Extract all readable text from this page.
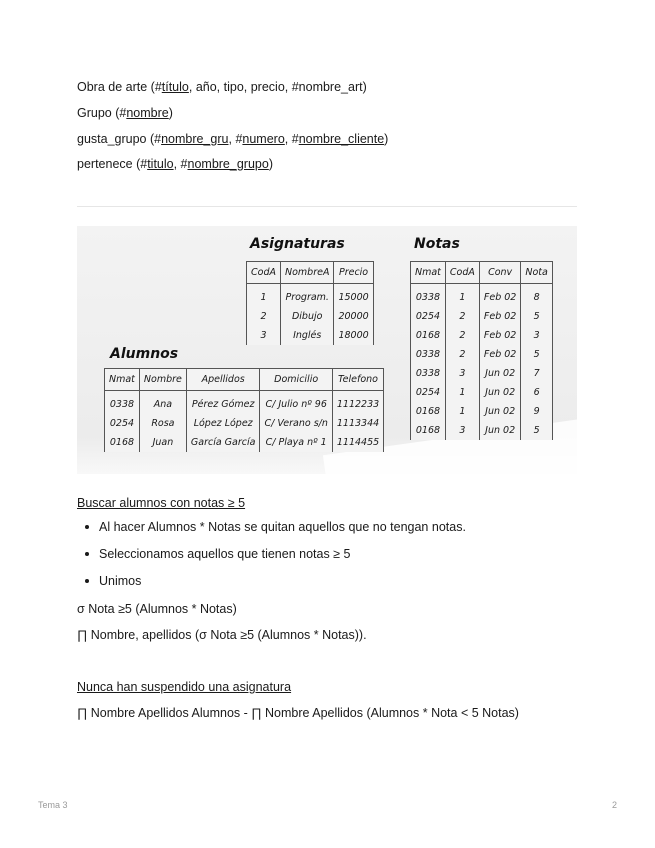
Obra de arte (#título, año, tipo, precio, #nombre_art)
Grupo (#nombre)
gusta_grupo (#nombre_gru, #numero, #nombre_cliente)
pertenece (#titulo, #nombre_grupo)
Asignaturas
CodA	NombreA	Precio
1	Program.	15000
2	Dibujo	20000
3	Inglés	18000
Notas
Nmat	CodA	Conv	Nota
0338	1	Feb 02	8
0254	2	Feb 02	5
0168	2	Feb 02	3
0338	2	Feb 02	5
0338	3	Jun 02	7
0254	1	Jun 02	6
0168	1	Jun 02	9
0168	3	Jun 02	5
Alumnos
Nmat	Nombre	Apellidos	Domicilio	Telefono
0338	Ana	Pérez Gómez	C/ Julio nº 96	1112233
0254	Rosa	López López	C/ Verano s/n	1113344
0168	Juan	García García	C/ Playa nº 1	1114455
Buscar alumnos con notas ≥ 5
Al hacer Alumnos * Notas se quitan aquellos que no tengan notas.
Seleccionamos aquellos que tienen notas ≥ 5
Unimos
σ Nota ≥5 (Alumnos * Notas)
∏ Nombre, apellidos (σ Nota ≥5 (Alumnos * Notas)).
Nunca han suspendido una asignatura
∏ Nombre Apellidos Alumnos - ∏ Nombre Apellidos (Alumnos * Nota < 5 Notas)
Tema 3	2
